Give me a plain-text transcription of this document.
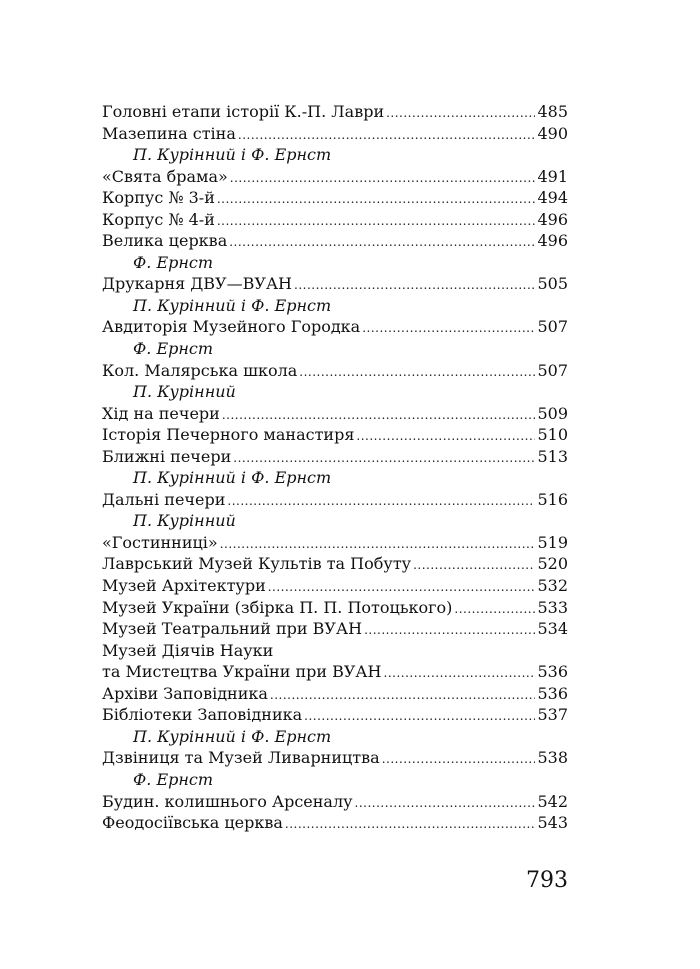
Головні етапи історії К.-П. Лаври .....	485
Мазепина стіна .....	490
П. Курінний і Ф. Ернст
«Свята брама» .....	491
Корпус № 3-й .....	494
Корпус № 4-й .....	496
Велика церква .....	496
Ф. Ернст
Друкарня ДВУ—ВУАН .....	505
П. Курінний і Ф. Ернст
Авдиторія Музейного Городка .....	507
Ф. Ернст
Кол. Малярська школа .....	507
П. Курінний
Хід на печери .....	509
Історія Печерного манастиря .....	510
Ближні печери .....	513
П. Курінний і Ф. Ернст
Дальні печери .....	516
П. Курінний
«Гостинниці» .....	519
Лаврський Музей Культів та Побуту .....	520
Музей Архітектури .....	532
Музей України (збірка П. П. Потоцького) .....	533
Музей Театральний при ВУАН .....	534
Музей Діячів Науки
та Мистецтва України при ВУАН .....	536
Архіви Заповідника .....	536
Бібліотеки Заповідника .....	537
П. Курінний і Ф. Ернст
Дзвіниця та Музей Ливарництва .....	538
Ф. Ернст
Будин. колишнього Арсеналу .....	542
Феодосіївська церква .....	543
793
